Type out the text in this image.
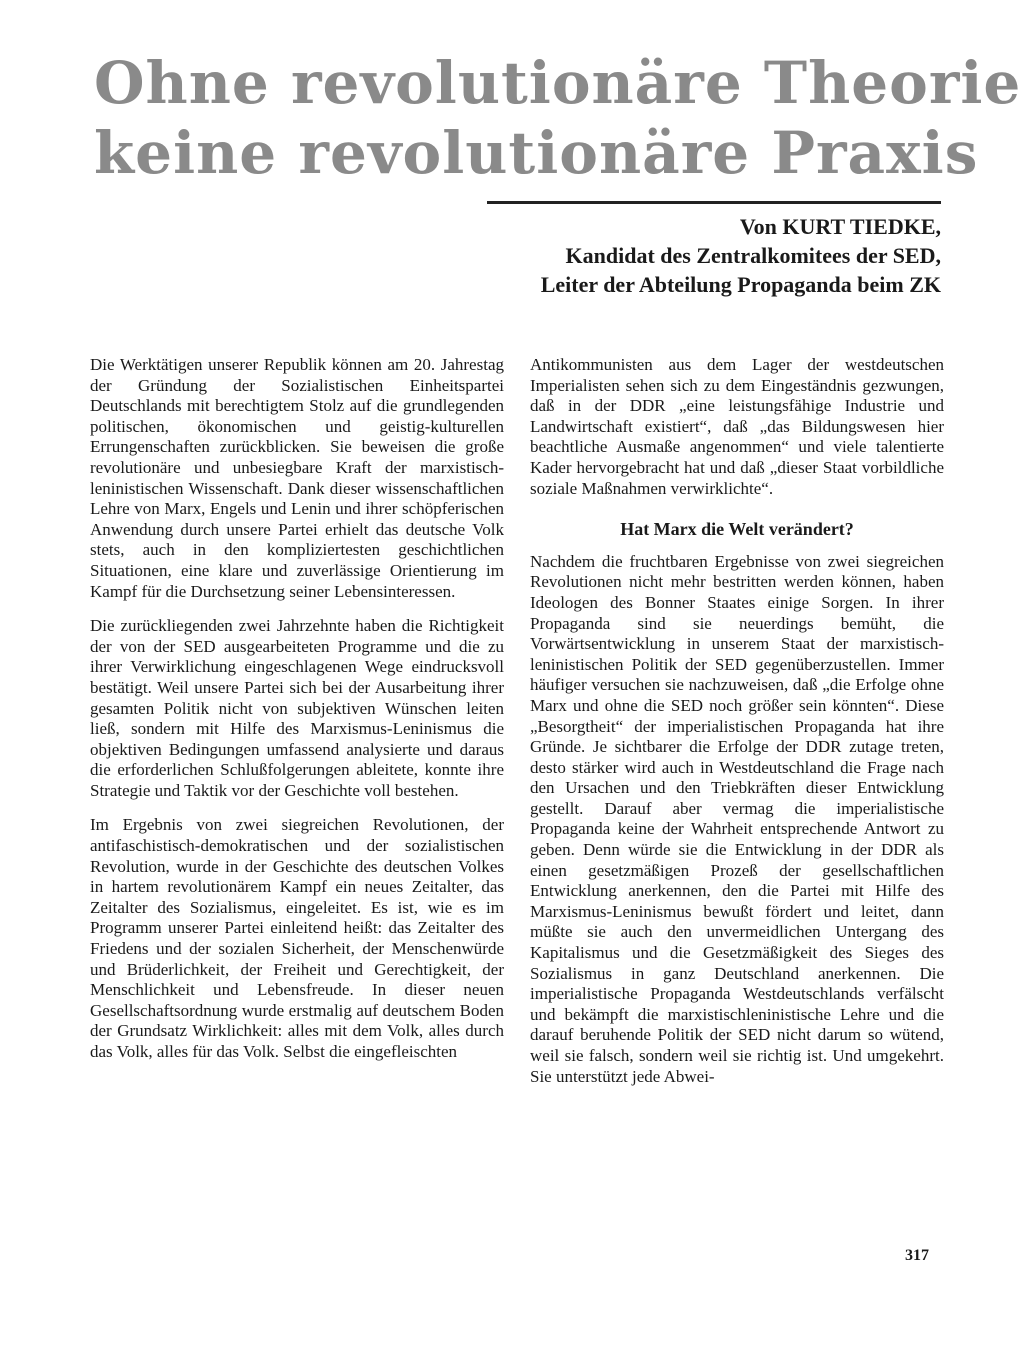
Ohne revolutionäre Theorie
keine revolutionäre Praxis
Von KURT TIEDKE,
Kandidat des Zentralkomitees der SED,
Leiter der Abteilung Propaganda beim ZK

Die Werktätigen unserer Republik können am 20. Jahrestag der Gründung der Sozialistischen Einheitspartei Deutschlands mit berechtigtem Stolz auf die grundlegenden politischen, ökonomischen und geistig-kulturellen Errungenschaften zurückblicken. Sie beweisen die große revolutionäre und unbesiegbare Kraft der marxistisch-leninistischen Wissenschaft. Dank dieser wissenschaftlichen Lehre von Marx, Engels und Lenin und ihrer schöpferischen Anwendung durch unsere Partei erhielt das deutsche Volk stets, auch in den kompliziertesten geschichtlichen Situationen, eine klare und zuverlässige Orientierung im Kampf für die Durchsetzung seiner Lebensinteressen.

Die zurückliegenden zwei Jahrzehnte haben die Richtigkeit der von der SED ausgearbeiteten Programme und die zu ihrer Verwirklichung eingeschlagenen Wege eindrucksvoll bestätigt. Weil unsere Partei sich bei der Ausarbeitung ihrer gesamten Politik nicht von subjektiven Wünschen leiten ließ, sondern mit Hilfe des Marxismus-Leninismus die objektiven Bedingungen umfassend analysierte und daraus die erforderlichen Schlußfolgerungen ableitete, konnte ihre Strategie und Taktik vor der Geschichte voll bestehen.

Im Ergebnis von zwei siegreichen Revolutionen, der antifaschistisch-demokratischen und der sozialistischen Revolution, wurde in der Geschichte des deutschen Volkes in hartem revolutionärem Kampf ein neues Zeitalter, das Zeitalter des Sozialismus, eingeleitet. Es ist, wie es im Programm unserer Partei einleitend heißt: das Zeitalter des Friedens und der sozialen Sicherheit, der Menschenwürde und Brüderlichkeit, der Freiheit und Gerechtigkeit, der Menschlichkeit und Lebensfreude. In dieser neuen Gesellschaftsordnung wurde erstmalig auf deutschem Boden der Grundsatz Wirklichkeit: alles mit dem Volk, alles durch das Volk, alles für das Volk. Selbst die eingefleischten

Antikommunisten aus dem Lager der westdeutschen Imperialisten sehen sich zu dem Eingeständnis gezwungen, daß in der DDR „eine leistungsfähige Industrie und Landwirtschaft existiert“, daß „das Bildungswesen hier beachtliche Ausmaße angenommen“ und viele talentierte Kader hervorgebracht hat und daß „dieser Staat vorbildliche soziale Maßnahmen verwirklichte“.

Hat Marx die Welt verändert?

Nachdem die fruchtbaren Ergebnisse von zwei siegreichen Revolutionen nicht mehr bestritten werden können, haben Ideologen des Bonner Staates einige Sorgen. In ihrer Propaganda sind sie neuerdings bemüht, die Vorwärtsentwicklung in unserem Staat der marxistisch-leninistischen Politik der SED gegenüberzustellen. Immer häufiger versuchen sie nachzuweisen, daß „die Erfolge ohne Marx und ohne die SED noch größer sein könnten“. Diese „Besorgtheit“ der imperialistischen Propaganda hat ihre Gründe. Je sichtbarer die Erfolge der DDR zutage treten, desto stärker wird auch in Westdeutschland die Frage nach den Ursachen und den Triebkräften dieser Entwicklung gestellt. Darauf aber vermag die imperialistische Propaganda keine der Wahrheit entsprechende Antwort zu geben. Denn würde sie die Entwicklung in der DDR als einen gesetzmäßigen Prozeß der gesellschaftlichen Entwicklung anerkennen, den die Partei mit Hilfe des Marxismus-Leninismus bewußt fördert und leitet, dann müßte sie auch den unvermeidlichen Untergang des Kapitalismus und die Gesetzmäßigkeit des Sieges des Sozialismus in ganz Deutschland anerkennen. Die imperialistische Propaganda Westdeutschlands verfälscht und bekämpft die marxistischleninistische Lehre und die darauf beruhende Politik der SED nicht darum so wütend, weil sie falsch, sondern weil sie richtig ist. Und umgekehrt. Sie unterstützt jede Abwei-

317
